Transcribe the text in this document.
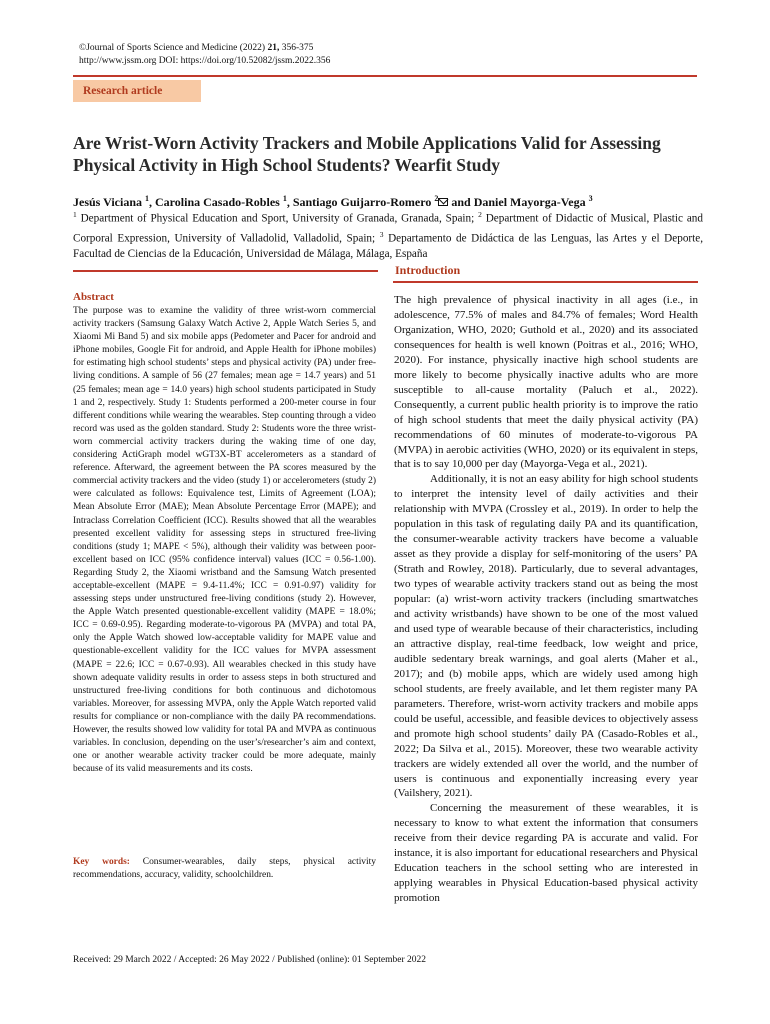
©Journal of Sports Science and Medicine (2022) 21, 356-375
http://www.jssm.org DOI: https://doi.org/10.52082/jssm.2022.356
Research article
Are Wrist-Worn Activity Trackers and Mobile Applications Valid for Assessing Physical Activity in High School Students? Wearfit Study
Jesús Viciana $^1$, Carolina Casado-Robles $^1$, Santiago Guijarro-Romero $^2$ and Daniel Mayorga-Vega $^3$
$^1$ Department of Physical Education and Sport, University of Granada, Granada, Spain; $^2$ Department of Didactic of Musical, Plastic and Corporal Expression, University of Valladolid, Valladolid, Spain; $^3$ Departamento de Didáctica de las Lenguas, las Artes y el Deporte, Facultad de Ciencias de la Educación, Universidad de Málaga, Málaga, España
Introduction
Abstract
The purpose was to examine the validity of three wrist-worn commercial activity trackers (Samsung Galaxy Watch Active 2, Apple Watch Series 5, and Xiaomi Mi Band 5) and six mobile apps (Pedometer and Pacer for android and iPhone mobiles, Google Fit for android, and Apple Health for iPhone mobiles) for estimating high school students’ steps and physical activity (PA) under free-living conditions. A sample of 56 (27 females; mean age = 14.7 years) and 51 (25 females; mean age = 14.0 years) high school students participated in Study 1 and 2, respectively. Study 1: Students performed a 200-meter course in four different conditions while wearing the wearables. Step counting through a video record was used as the golden standard. Study 2: Students wore the three wrist-worn commercial activity trackers during the waking time of one day, considering ActiGraph model wGT3X-BT accelerometers as a standard of reference. Afterward, the agreement between the PA scores measured by the commercial activity trackers and the video (study 1) or accelerometers (study 2) were calculated as follows: Equivalence test, Limits of Agreement (LOA); Mean Absolute Error (MAE); Mean Absolute Percentage Error (MAPE); and Intraclass Correlation Coefficient (ICC). Results showed that all the wearables presented excellent validity for assessing steps in structured free-living conditions (study 1; MAPE < 5%), although their validity was between poor-excellent based on ICC (95% confidence interval) values (ICC = 0.56-1.00). Regarding Study 2, the Xiaomi wristband and the Samsung Watch presented acceptable-excellent (MAPE = 9.4-11.4%; ICC = 0.91-0.97) validity for assessing steps under unstructured free-living conditions (study 2). However, the Apple Watch presented questionable-excellent validity (MAPE = 18.0%; ICC = 0.69-0.95). Regarding moderate-to-vigorous PA (MVPA) and total PA, only the Apple Watch showed low-acceptable validity for MAPE value and questionable-excellent validity for the ICC values for MVPA assessment (MAPE = 22.6; ICC = 0.67-0.93). All wearables checked in this study have shown adequate validity results in order to assess steps in both structured and unstructured free-living conditions for both continuous and dichotomous variables. Moreover, for assessing MVPA, only the Apple Watch reported valid results for compliance or non-compliance with the daily PA recommendations. However, the results showed low validity for total PA and MVPA as continuous variables. In conclusion, depending on the user’s/researcher’s aim and context, one or another wearable activity tracker could be more adequate, mainly because of its valid measurements and its costs.
Key words: Consumer-wearables, daily steps, physical activity recommendations, accuracy, validity, schoolchildren.

The high prevalence of physical inactivity in all ages (i.e., in adolescence, 77.5% of males and 84.7% of females; Word Health Organization, WHO, 2020; Guthold et al., 2020) and its associated consequences for health is well known (Poitras et al., 2016; WHO, 2020). For instance, physically inactive high school students are more likely to become physically inactive adults who are more susceptible to all-cause mortality (Paluch et al., 2022). Consequently, a current public health priority is to improve the ratio of high school students that meet the daily physical activity (PA) recommendations of 60 minutes of moderate-to-vigorous PA (MVPA) in aerobic activities (WHO, 2020) or its equivalent in steps, that is to say 10,000 per day (Mayorga-Vega et al., 2021).

Additionally, it is not an easy ability for high school students to interpret the intensity level of daily activities and their relationship with MVPA (Crossley et al., 2019). In order to help the population in this task of regulating daily PA and its quantification, the consumer-wearable activity trackers have become a valuable asset as they provide a display for self-monitoring of the users’ PA (Strath and Rowley, 2018). Particularly, due to several advantages, two types of wearable activity trackers stand out as being the most popular: (a) wrist-worn activity trackers (including smartwatches and activity wristbands) have shown to be one of the most valued and used type of wearable because of their characteristics, including an attractive display, real-time feedback, low weight and price, audible sedentary break warnings, and goal alerts (Maher et al., 2017); and (b) mobile apps, which are widely used among high school students, are freely available, and let them register many PA parameters. Therefore, wrist-worn activity trackers and mobile apps could be useful, accessible, and feasible devices to objectively assess and promote high school students’ daily PA (Casado-Robles et al., 2022; Da Silva et al., 2015). Moreover, these two wearable activity trackers are widely extended all over the world, and the number of users is continuous and exponentially increasing every year (Vailshery, 2021).

Concerning the measurement of these wearables, it is necessary to know to what extent the information that consumers receive from their device regarding PA is accurate and valid. For instance, it is also important for educational researchers and Physical Education teachers in the school setting who are interested in applying wearables in Physical Education-based physical activity promotion

Received: 29 March 2022 / Accepted: 26 May 2022 / Published (online): 01 September 2022
